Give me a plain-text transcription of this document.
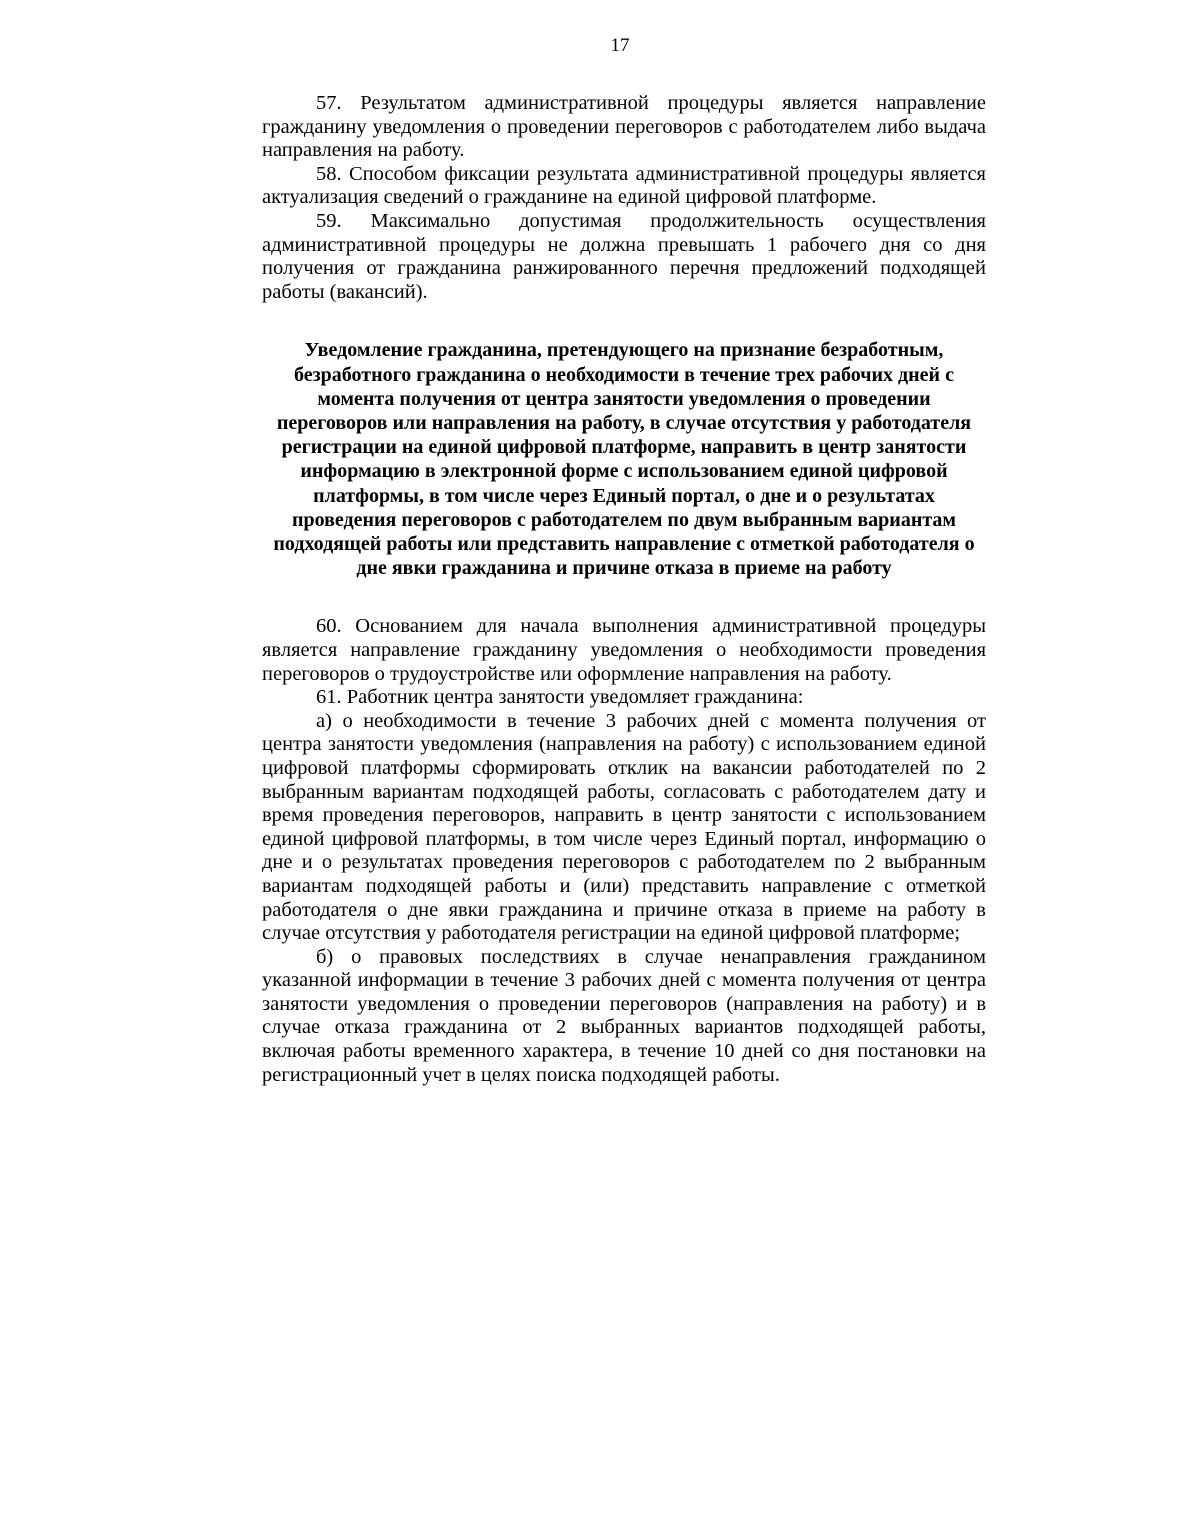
17

57. Результатом административной процедуры является направление гражданину уведомления о проведении переговоров с работодателем либо выдача направления на работу.

58. Способом фиксации результата административной процедуры является актуализация сведений о гражданине на единой цифровой платформе.

59. Максимально допустимая продолжительность осуществления административной процедуры не должна превышать 1 рабочего дня со дня получения от гражданина ранжированного перечня предложений подходящей работы (вакансий).

Уведомление гражданина, претендующего на признание безработным, безработного гражданина о необходимости в течение трех рабочих дней с момента получения от центра занятости уведомления о проведении переговоров или направления на работу, в случае отсутствия у работодателя регистрации на единой цифровой платформе, направить в центр занятости информацию в электронной форме с использованием единой цифровой платформы, в том числе через Единый портал, о дне и о результатах проведения переговоров с работодателем по двум выбранным вариантам подходящей работы или представить направление с отметкой работодателя о дне явки гражданина и причине отказа в приеме на работу

60. Основанием для начала выполнения административной процедуры является направление гражданину уведомления о необходимости проведения переговоров о трудоустройстве или оформление направления на работу.

61. Работник центра занятости уведомляет гражданина:

а) о необходимости в течение 3 рабочих дней с момента получения от центра занятости уведомления (направления на работу) с использованием единой цифровой платформы сформировать отклик на вакансии работодателей по 2 выбранным вариантам подходящей работы, согласовать с работодателем дату и время проведения переговоров, направить в центр занятости с использованием единой цифровой платформы, в том числе через Единый портал, информацию о дне и о результатах проведения переговоров с работодателем по 2 выбранным вариантам подходящей работы и (или) представить направление с отметкой работодателя о дне явки гражданина и причине отказа в приеме на работу в случае отсутствия у работодателя регистрации на единой цифровой платформе;

б) о правовых последствиях в случае ненаправления гражданином указанной информации в течение 3 рабочих дней с момента получения от центра занятости уведомления о проведении переговоров (направления на работу) и в случае отказа гражданина от 2 выбранных вариантов подходящей работы, включая работы временного характера, в течение 10 дней со дня постановки на регистрационный учет в целях поиска подходящей работы.
